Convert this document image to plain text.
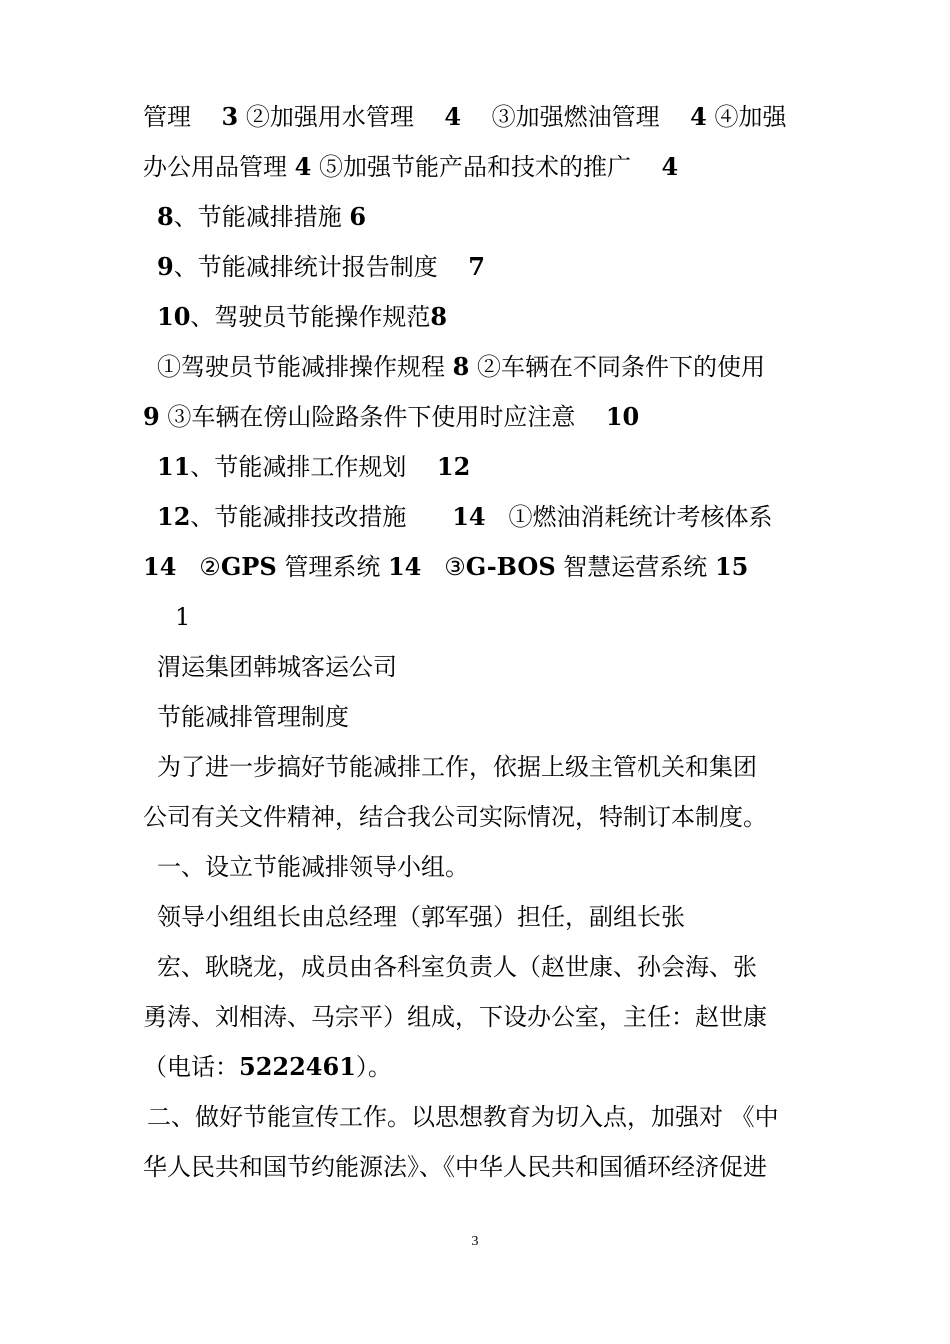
管理 3 ②加强用水管理 4 ③加强燃油管理 4 ④加强
办公用品管理 4 ⑤加强节能产品和技术的推广 4
8、节能减排措施 6
9、节能减排统计报告制度 7
10、驾驶员节能操作规范8
①驾驶员节能减排操作规程 8 ②车辆在不同条件下的使用
9 ③车辆在傍山险路条件下使用时应注意 10
11、节能减排工作规划 12
12、节能减排技改措施 14 ①燃油消耗统计考核体系
14 ②GPS 管理系统 14 ③G-BOS 智慧运营系统 15
1
渭运集团韩城客运公司
节能减排管理制度
为了进一步搞好节能减排工作，依据上级主管机关和集团
公司有关文件精神，结合我公司实际情况，特制订本制度。
一、设立节能减排领导小组。
领导小组组长由总经理（郭军强）担任，副组长张
宏、耿晓龙，成员由各科室负责人（赵世康、孙会海、张
勇涛、刘相涛、马宗平）组成，下设办公室，主任：赵世康
（电话：5222461）。
二、做好节能宣传工作。以思想教育为切入点，加强对 《中
华人民共和国节约能源法》、《中华人民共和国循环经济促进
3
